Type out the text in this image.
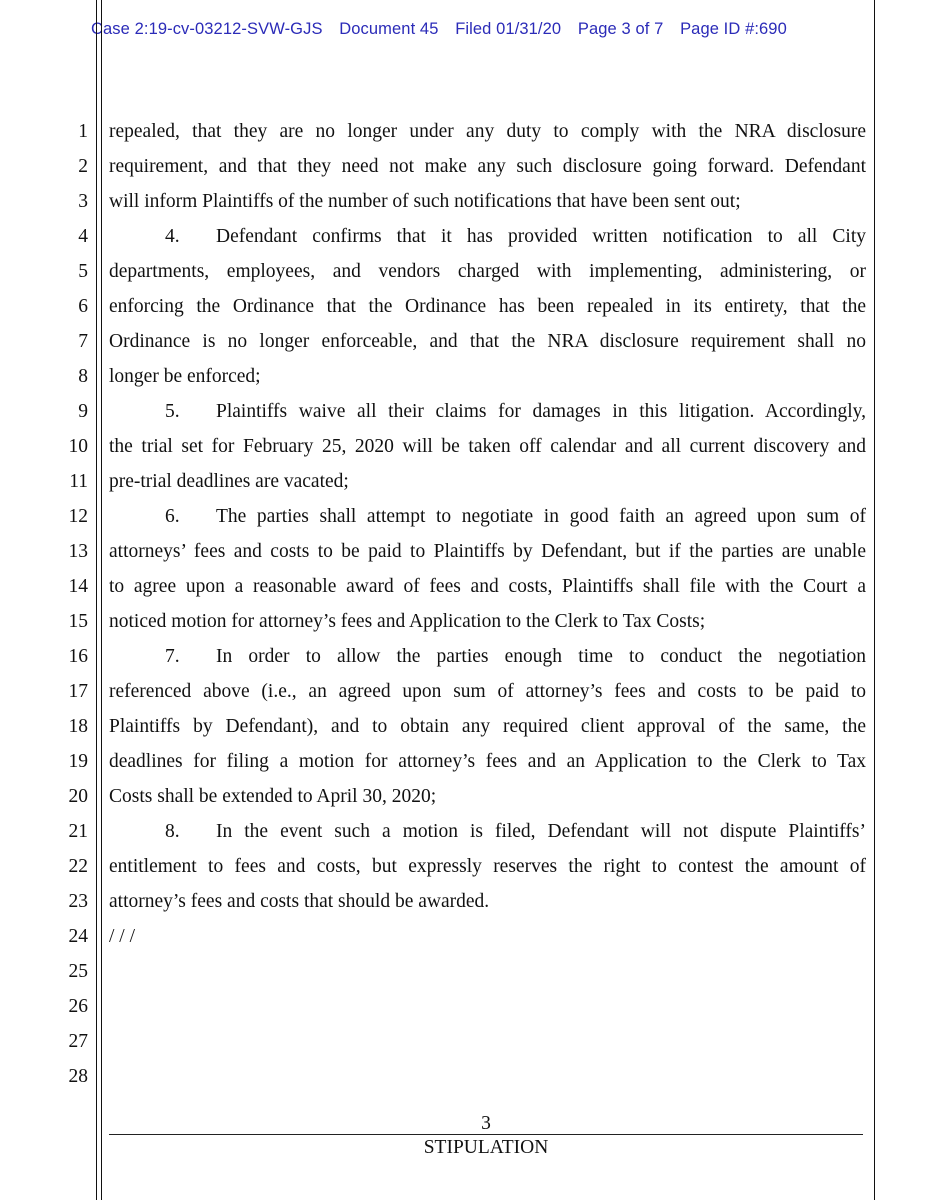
Case 2:19-cv-03212-SVW-GJS Document 45 Filed 01/31/20 Page 3 of 7 Page ID #:690
1
2
3
4
5
6
7
8
9
10
11
12
13
14
15
16
17
18
19
20
21
22
23
24
25
26
27
28
repealed, that they are no longer under any duty to comply with the NRA disclosure
requirement, and that they need not make any such disclosure going forward. Defendant
will inform Plaintiffs of the number of such notifications that have been sent out;
4. Defendant confirms that it has provided written notification to all City
departments, employees, and vendors charged with implementing, administering, or
enforcing the Ordinance that the Ordinance has been repealed in its entirety, that the
Ordinance is no longer enforceable, and that the NRA disclosure requirement shall no
longer be enforced;
5. Plaintiffs waive all their claims for damages in this litigation. Accordingly,
the trial set for February 25, 2020 will be taken off calendar and all current discovery and
pre-trial deadlines are vacated;
6. The parties shall attempt to negotiate in good faith an agreed upon sum of
attorneys’ fees and costs to be paid to Plaintiffs by Defendant, but if the parties are unable
to agree upon a reasonable award of fees and costs, Plaintiffs shall file with the Court a
noticed motion for attorney’s fees and Application to the Clerk to Tax Costs;
7. In order to allow the parties enough time to conduct the negotiation
referenced above (i.e., an agreed upon sum of attorney’s fees and costs to be paid to
Plaintiffs by Defendant), and to obtain any required client approval of the same, the
deadlines for filing a motion for attorney’s fees and an Application to the Clerk to Tax
Costs shall be extended to April 30, 2020;
8. In the event such a motion is filed, Defendant will not dispute Plaintiffs’
entitlement to fees and costs, but expressly reserves the right to contest the amount of
attorney’s fees and costs that should be awarded.
/ / /
3
STIPULATION
